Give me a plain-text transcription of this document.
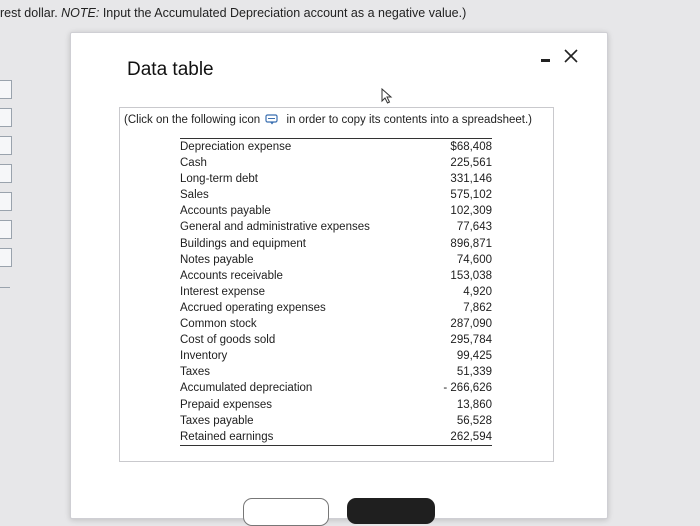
rest dollar. NOTE: Input the Accumulated Depreciation account as a negative value.)
Data table
(Click on the following icon  in order to copy its contents into a spreadsheet.)
Depreciation expense	$68,408
Cash	225,561
Long-term debt	331,146
Sales	575,102
Accounts payable	102,309
General and administrative expenses	77,643
Buildings and equipment	896,871
Notes payable	74,600
Accounts receivable	153,038
Interest expense	4,920
Accrued operating expenses	7,862
Common stock	287,090
Cost of goods sold	295,784
Inventory	99,425
Taxes	51,339
Accumulated depreciation	- 266,626
Prepaid expenses	13,860
Taxes payable	56,528
Retained earnings	262,594
